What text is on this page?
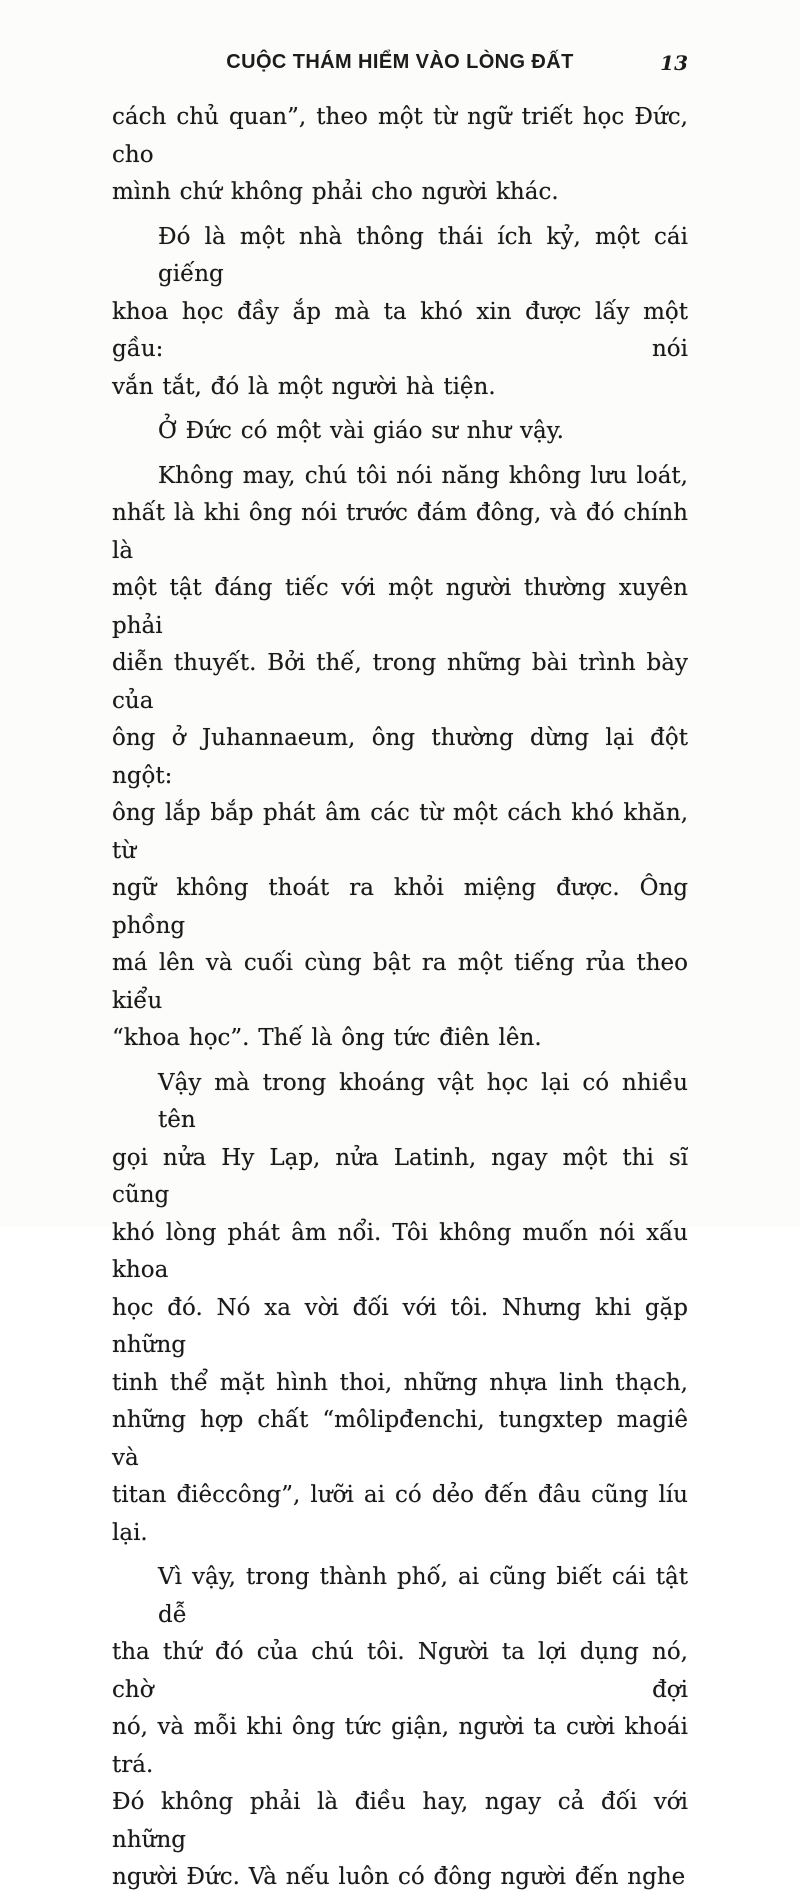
CUỘC THÁM HIỂM VÀO LÒNG ĐẤT	13

cách chủ quan”, theo một từ ngữ triết học Đức, cho
mình chứ không phải cho người khác.

Đó là một nhà thông thái ích kỷ, một cái giếng
khoa học đầy ắp mà ta khó xin được lấy một gầu: nói
vắn tắt, đó là một người hà tiện.

Ở Đức có một vài giáo sư như vậy.

Không may, chú tôi nói năng không lưu loát,
nhất là khi ông nói trước đám đông, và đó chính là
một tật đáng tiếc với một người thường xuyên phải
diễn thuyết. Bởi thế, trong những bài trình bày của
ông ở Juhannaeum, ông thường dừng lại đột ngột:
ông lắp bắp phát âm các từ một cách khó khăn, từ
ngữ không thoát ra khỏi miệng được. Ông phồng
má lên và cuối cùng bật ra một tiếng rủa theo kiểu
“khoa học”. Thế là ông tức điên lên.

Vậy mà trong khoáng vật học lại có nhiều tên
gọi nửa Hy Lạp, nửa Latinh, ngay một thi sĩ cũng
khó lòng phát âm nổi. Tôi không muốn nói xấu khoa
học đó. Nó xa vời đối với tôi. Nhưng khi gặp những
tinh thể mặt hình thoi, những nhựa linh thạch,
những hợp chất “môlipđenchi, tungxtep magiê và
titan điêccông”, lưỡi ai có dẻo đến đâu cũng líu lại.

Vì vậy, trong thành phố, ai cũng biết cái tật dễ
tha thứ đó của chú tôi. Người ta lợi dụng nó, chờ đợi
nó, và mỗi khi ông tức giận, người ta cười khoái trá.
Đó không phải là điều hay, ngay cả đối với những
người Đức. Và nếu luôn có đông người đến nghe
